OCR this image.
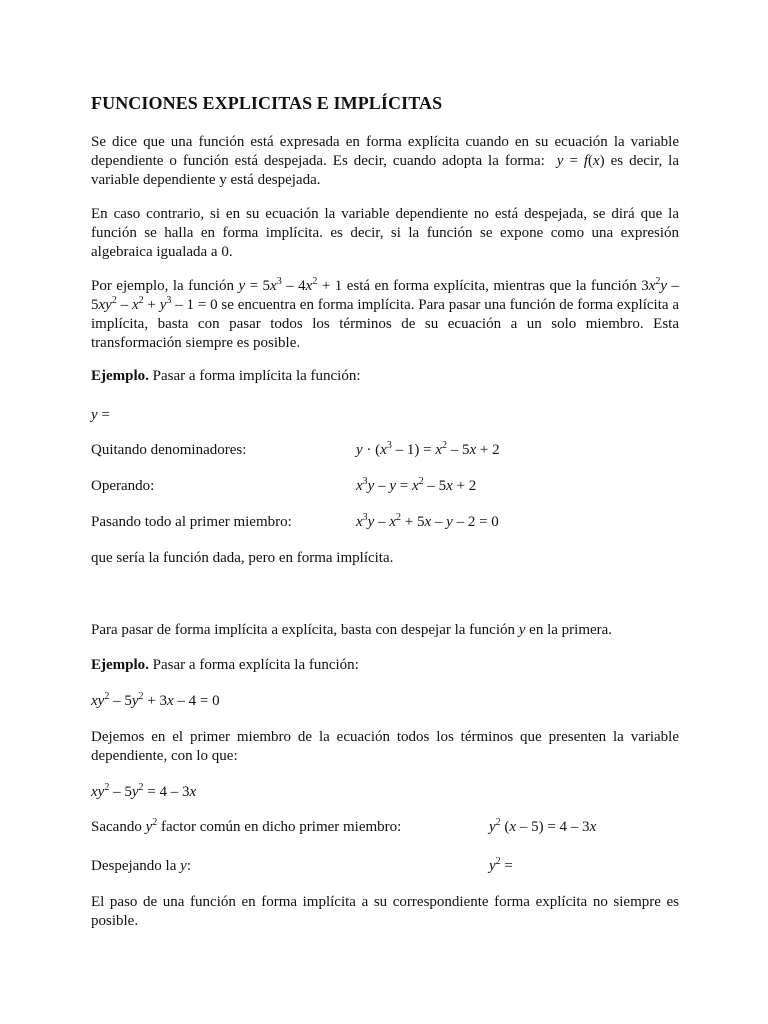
FUNCIONES EXPLICITAS E IMPLÍCITAS

Se dice que una función está expresada en forma explícita cuando en su ecuación la variable dependiente o función está despejada. Es decir, cuando adopta la forma: y = f(x) es decir, la variable dependiente y está despejada.

En caso contrario, si en su ecuación la variable dependiente no está despejada, se dirá que la función se halla en forma implícita. es decir, si la función se expone como una expresión algebraica igualada a 0.

Por ejemplo, la función $y = 5x^3 - 4x^2 + 1$ está en forma explícita, mientras que la función $3x^2y - 5xy^2 - x^2 + y^3 - 1 = 0$ se encuentra en forma implícita. Para pasar una función de forma explícita a implícita, basta con pasar todos los términos de su ecuación a un solo miembro. Esta transformación siempre es posible.

Ejemplo. Pasar a forma implícita la función:

y =

Quitando denominadores:	$y \cdot (x^3 - 1) = x^2 - 5x + 2$
Operando:	$x^3y - y = x^2 - 5x + 2$
Pasando todo al primer miembro:	$x^3y - x^2 + 5x - y - 2 = 0$

que sería la función dada, pero en forma implícita.

Para pasar de forma implícita a explícita, basta con despejar la función y en la primera.

Ejemplo. Pasar a forma explícita la función:

$xy^2 - 5y^2 + 3x - 4 = 0$

Dejemos en el primer miembro de la ecuación todos los términos que presenten la variable dependiente, con lo que:

$xy^2 - 5y^2 = 4 - 3x$

Sacando $y^2$ factor común en dicho primer miembro:	$y^2$ (x – 5) = 4 – 3x
Despejando la y:	$y^2$ =

El paso de una función en forma implícita a su correspondiente forma explícita no siempre es posible.
